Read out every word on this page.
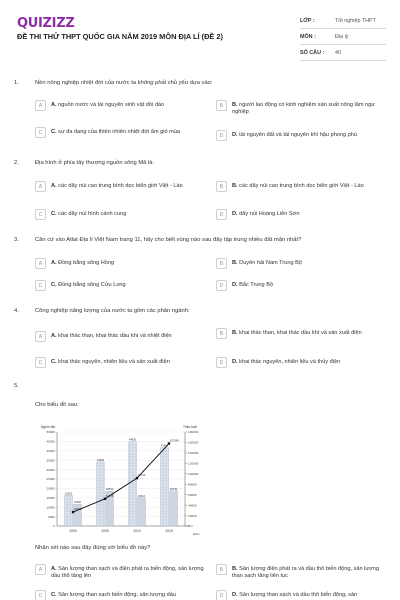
QUIZIZZ
ĐỀ THI THỬ THPT QUỐC GIA NĂM 2019 MÔN ĐỊA LÍ (ĐỀ 2)
LỚP :	Tốt nghiệp THPT
MÔN :	Địa lý
SỐ CÂU :	40
1.	Nền nông nghiệp nhiệt đới của nước ta không phải chủ yếu dựa vào:
A	A. nguồn nước và tài nguyên sinh vật dồi dào	B	B. người lao động có kinh nghiệm sản xuất nông lâm ngư nghiệp
C	C. sự đa dạng của thiên nhiên nhiệt đới ẩm gió mùa
D	D. tài nguyên đất và tài nguyên khí hậu phong phú
2.	Địa hình ở phía tây thượng nguồn sông Mã là:
A	A. các dãy núi cao trung bình dọc biên giới Việt - Lào	B	B. các dãy núi cao trung bình dọc biên giới Việt - Lào
C	C. các dãy núi hình cánh cung	D	D. dãy núi Hoàng Liên Sơn
3.	Căn cứ vào Atlat Địa lí Việt Nam trang 11, hãy cho biết vùng nào sau đây tập trung nhiều đất mặn nhất?
A	A. Đồng bằng sông Hồng	B	B. Duyên hải Nam Trung Bộ
C	C. Đồng bằng sông Cửu Long	D	D. Bắc Trung Bộ
4.	Công nghiệp năng lượng của nước ta gồm các phân ngành:
A	A. khai thác than, khai thác dầu khí và nhiệt điện	B	B. khai thác than, khai thác dầu khí và sản xuất điện
C	C. khai thác nguyên, nhiên liệu và sản xuất điện	D	D. khai thác nguyên, nhiên liệu và thủy điện
5.
Cho biểu đồ sau:
Nghìn tấn	Triệu kwh
0
5000
10000
15000
20000
25000
30000
35000
40000
45000
50000
20000
40000
60000
80000
100000
120000
140000
160000
180000
Năm
2000
16291
11600
2005
34093
18519
2010
44835
15014
2015
41664
18745
26683
52078
91722
157949
Nhận xét nào sau đây đúng với biểu đồ này?
A	A. Sản lượng than sạch và điện phát ra biến động, sản lượng dầu thô tăng lên
B	B. Sản lượng điện phát ra và dầu thô biến động, sản lượng than sạch tăng liên tục
C	C. Sản lượng than sạch biến động, sản lượng dầu	D	D. Sản lượng than sạch và dầu thô biến động, sản
